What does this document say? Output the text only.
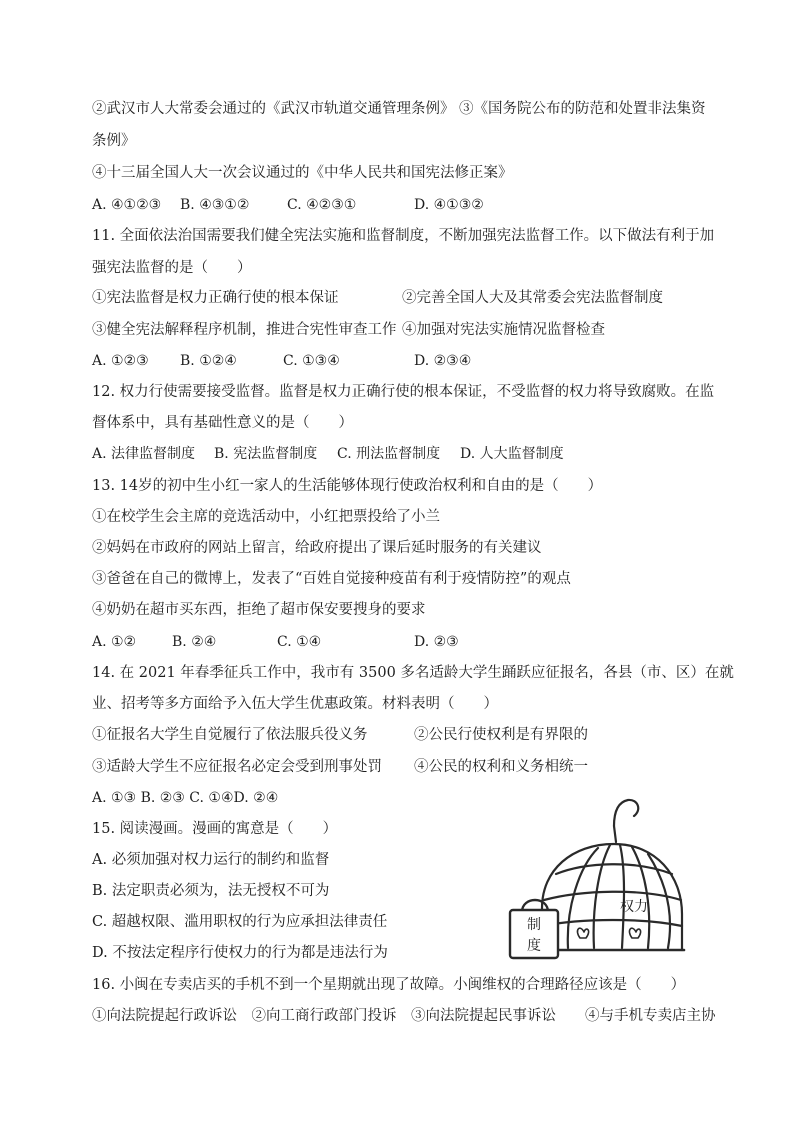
②武汉市人大常委会通过的《武汉市轨道交通管理条例》 ③《国务院公布的防范和处置非法集资
条例》
④十三届全国人大一次会议通过的《中华人民共和国宪法修正案》
A. ④①②③ B. ④③①②	C. ④②③①	D. ④①③②
11. 全面依法治国需要我们健全宪法实施和监督制度，不断加强宪法监督工作。以下做法有利于加
强宪法监督的是（　　）
①宪法监督是权力正确行使的根本保证	②完善全国人大及其常委会宪法监督制度
③健全宪法解释程序机制，推进合宪性审查工作 ④加强对宪法实施情况监督检查
A. ①②③ B. ①②④	C. ①③④	D. ②③④
12. 权力行使需要接受监督。监督是权力正确行使的根本保证，不受监督的权力将导致腐败。在监
督体系中，具有基础性意义的是（　　）
A. 法律监督制度 B. 宪法监督制度 C. 刑法监督制度 D. 人大监督制度
13. 14岁的初中生小红一家人的生活能够体现行使政治权利和自由的是（　　）
①在校学生会主席的竞选活动中，小红把票投给了小兰
②妈妈在市政府的网站上留言，给政府提出了课后延时服务的有关建议
③爸爸在自己的微博上，发表了“百姓自觉接种疫苗有利于疫情防控”的观点
④奶奶在超市买东西，拒绝了超市保安要搜身的要求
A. ①②	B. ②④	C. ①④	D. ②③
14. 在 2021 年春季征兵工作中，我市有 3500 多名适龄大学生踊跃应征报名，各县（市、区）在就
业、招考等多方面给予入伍大学生优惠政策。材料表明（　　）
①征报名大学生自觉履行了依法服兵役义务	②公民行使权利是有界限的
③适龄大学生不应征报名必定会受到刑事处罚 ④公民的权利和义务相统一
A. ①③ B. ②③ C. ①④D. ②④
15. 阅读漫画。漫画的寓意是（　　）
A. 必须加强对权力运行的制约和监督
B. 法定职责必须为，法无授权不可为
C. 超越权限、滥用职权的行为应承担法律责任
D. 不按法定程序行使权力的行为都是违法行为
制
度
权力
16. 小闽在专卖店买的手机不到一个星期就出现了故障。小闽维权的合理路径应该是（　　）
①向法院提起行政诉讼　②向工商行政部门投诉　③向法院提起民事诉讼　　④与手机专卖店主协
